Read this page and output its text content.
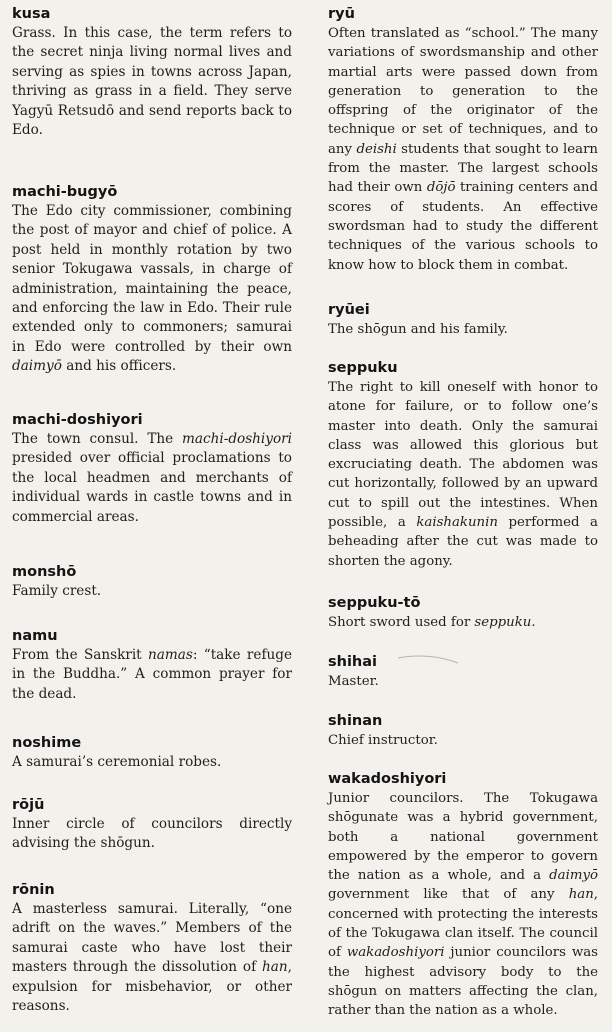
kusa

Grass. In this case, the term refers to the secret ninja living normal lives and serving as spies in towns across Japan, thriving as grass in a field. They serve Yagyū Retsudō and send reports back to Edo.

machi-bugyō

The Edo city commissioner, combining the post of mayor and chief of police. A post held in monthly rotation by two senior Tokugawa vassals, in charge of administration, maintaining the peace, and enforcing the law in Edo. Their rule extended only to commoners; samurai in Edo were controlled by their own daimyō and his officers.

machi-doshiyori

The town consul. The machi-doshiyori presided over official proclamations to the local headmen and merchants of individual wards in castle towns and in commercial areas.

monshō

Family crest.

namu

From the Sanskrit namas: “take refuge in the Buddha.” A common prayer for the dead.

noshime

A samurai’s ceremonial robes.

rōjū

Inner circle of councilors directly advising the shōgun.

rōnin

A masterless samurai. Literally, “one adrift on the waves.” Members of the samurai caste who have lost their masters through the dissolution of han, expulsion for misbehavior, or other reasons.

ryū

Often translated as “school.” The many variations of swordsmanship and other martial arts were passed down from generation to generation to the offspring of the originator of the technique or set of techniques, and to any deishi students that sought to learn from the master. The largest schools had their own dōjō training centers and scores of students. An effective swordsman had to study the different techniques of the various schools to know how to block them in combat.

ryūei

The shōgun and his family.

seppuku

The right to kill oneself with honor to atone for failure, or to follow one’s master into death. Only the samurai class was allowed this glorious but excruciating death. The abdomen was cut horizontally, followed by an upward cut to spill out the intestines. When possible, a kaishakunin performed a beheading after the cut was made to shorten the agony.

seppuku-tō

Short sword used for seppuku.

shihai

Master.

shinan

Chief instructor.

wakadoshiyori

Junior councilors. The Tokugawa shōgunate was a hybrid government, both a national government empowered by the emperor to govern the nation as a whole, and a daimyō government like that of any han, concerned with protecting the interests of the Tokugawa clan itself. The council of wakadoshiyori junior councilors was the highest advisory body to the shōgun on matters affecting the clan, rather than the nation as a whole.
